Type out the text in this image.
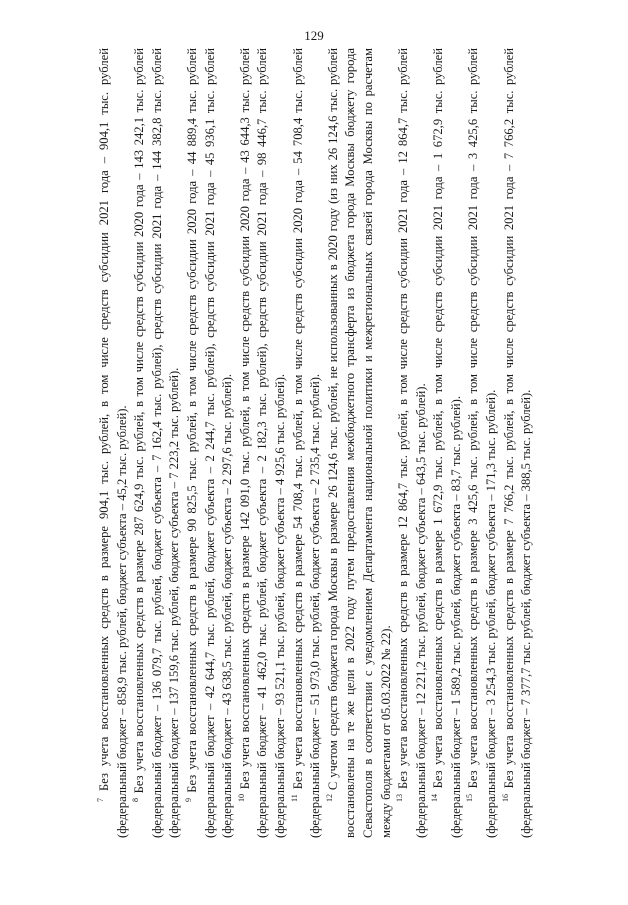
129

$^7$ Без учета восстановленных средств в размере 904,1 тыс. рублей, в том числе средств субсидии 2021 года – 904,1 тыс. рублей (федеральный бюджет – 858,9 тыс. рублей, бюджет субъекта – 45,2 тыс. рублей). $^8$ Без учета восстановленных средств в размере 287 624,9 тыс. рублей, в том числе средств субсидии 2020 года – 143 242,1 тыс. рублей (федеральный бюджет – 136 079,7 тыс. рублей, бюджет субъекта – 7 162,4 тыс. рублей), средств субсидии 2021 года – 144 382,8 тыс. рублей (федеральный бюджет – 137 159,6 тыс. рублей, бюджет субъекта – 7 223,2 тыс. рублей). $^9$ Без учета восстановленных средств в размере 90 825,5 тыс. рублей, в том числе средств субсидии 2020 года – 44 889,4 тыс. рублей (федеральный бюджет – 42 644,7 тыс. рублей, бюджет субъекта – 2 244,7 тыс. рублей), средств субсидии 2021 года – 45 936,1 тыс. рублей (федеральный бюджет – 43 638,5 тыс. рублей, бюджет субъекта – 2 297,6 тыс. рублей). $^{10}$ Без учета восстановленных средств в размере 142 091,0 тыс. рублей, в том числе средств субсидии 2020 года – 43 644,3 тыс. рублей (федеральный бюджет – 41 462,0 тыс. рублей, бюджет субъекта – 2 182,3 тыс. рублей), средств субсидии 2021 года – 98 446,7 тыс. рублей (федеральный бюджет – 93 521,1 тыс. рублей, бюджет субъекта – 4 925,6 тыс. рублей). $^{11}$ Без учета восстановленных средств в размере 54 708,4 тыс. рублей, в том числе средств субсидии 2020 года – 54 708,4 тыс. рублей (федеральный бюджет – 51 973,0 тыс. рублей, бюджет субъекта – 2 735,4 тыс. рублей). $^{12}$ С учетом средств бюджета города Москвы в размере 26 124,6 тыс. рублей, не использованных в 2020 году (из них 26 124,6 тыс. рублей восстановлены на те же цели в 2022 году путем предоставления межбюджетного трансферта из бюджета города Москвы бюджету города Севастополя в соответствии с уведомлением Департамента национальной политики и межрегиональных связей города Москвы по расчетам между бюджетами от 05.03.2022 № 22). $^{13}$ Без учета восстановленных средств в размере 12 864,7 тыс. рублей, в том числе средств субсидии 2021 года – 12 864,7 тыс. рублей (федеральный бюджет – 12 221,2 тыс. рублей, бюджет субъекта – 643,5 тыс. рублей). $^{14}$ Без учета восстановленных средств в размере 1 672,9 тыс. рублей, в том числе средств субсидии 2021 года – 1 672,9 тыс. рублей (федеральный бюджет – 1 589,2 тыс. рублей, бюджет субъекта – 83,7 тыс. рублей). $^{15}$ Без учета восстановленных средств в размере 3 425,6 тыс. рублей, в том числе средств субсидии 2021 года – 3 425,6 тыс. рублей (федеральный бюджет – 3 254,3 тыс. рублей, бюджет субъекта – 171,3 тыс. рублей). $^{16}$ Без учета восстановленных средств в размере 7 766,2 тыс. рублей, в том числе средств субсидии 2021 года – 7 766,2 тыс. рублей (федеральный бюджет – 7 377,7 тыс. рублей, бюджет субъекта – 388,5 тыс. рублей).
